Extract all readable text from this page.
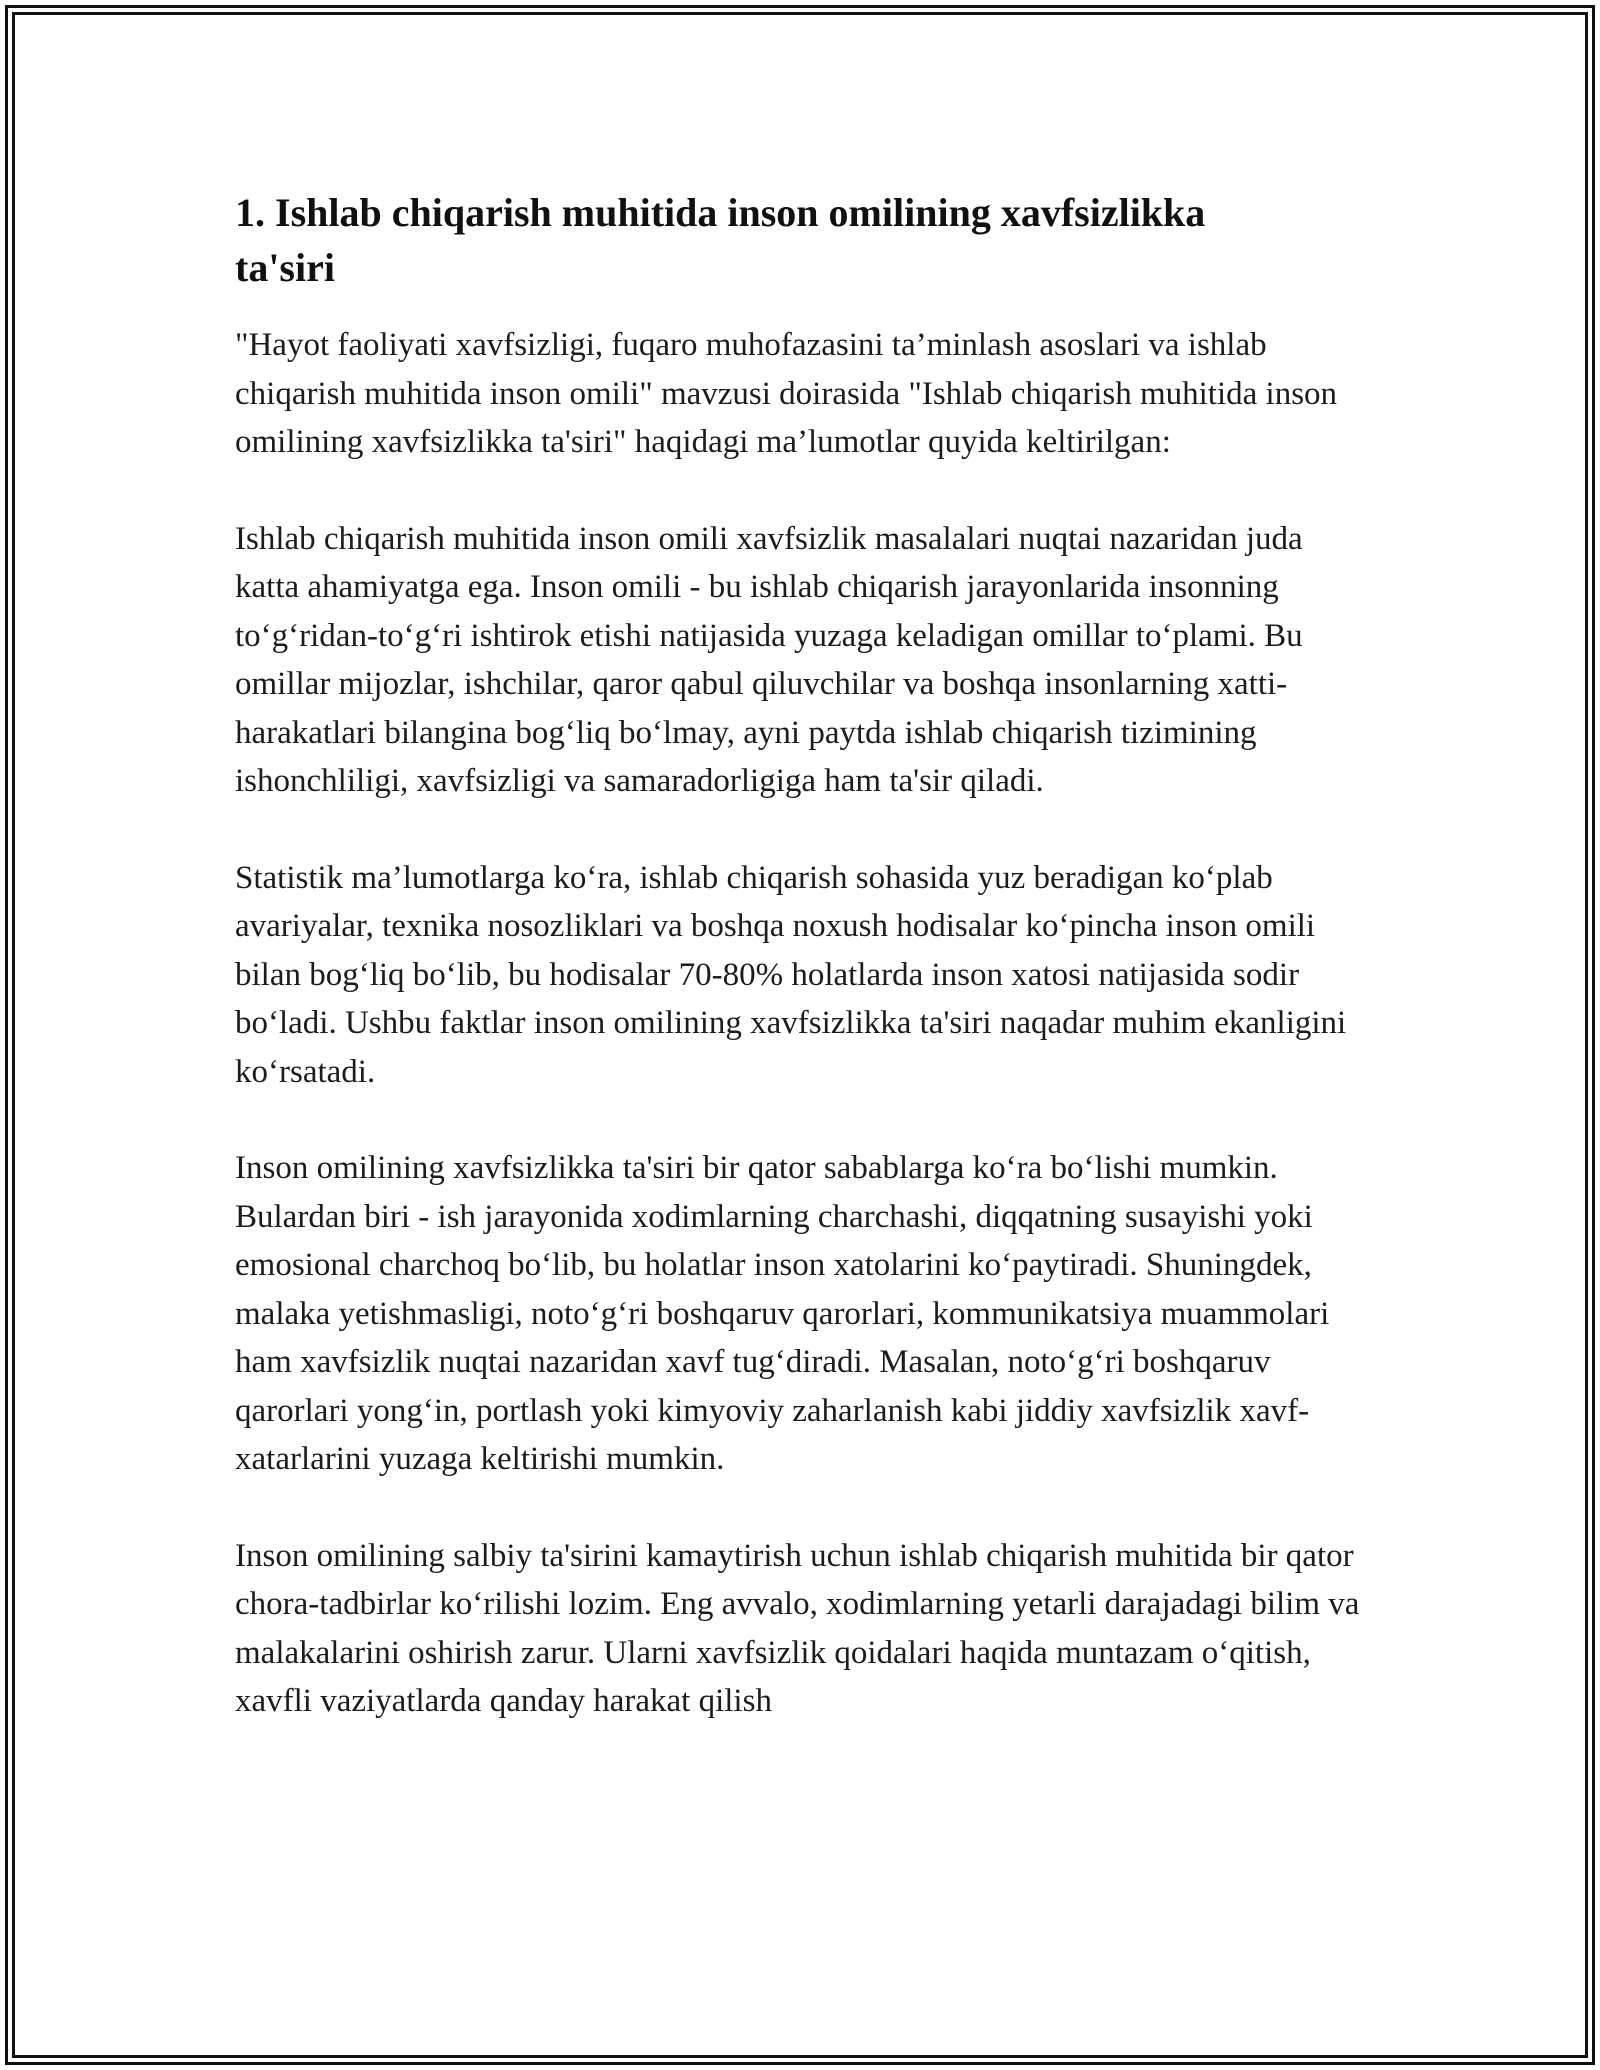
1. Ishlab chiqarish muhitida inson omilining xavfsizlikka ta'siri

"Hayot faoliyati xavfsizligi, fuqaro muhofazasini ta’minlash asoslari va ishlab chiqarish muhitida inson omili" mavzusi doirasida "Ishlab chiqarish muhitida inson omilining xavfsizlikka ta'siri" haqidagi ma’lumotlar quyida keltirilgan:

Ishlab chiqarish muhitida inson omili xavfsizlik masalalari nuqtai nazaridan juda katta ahamiyatga ega. Inson omili - bu ishlab chiqarish jarayonlarida insonning to‘g‘ridan-to‘g‘ri ishtirok etishi natijasida yuzaga keladigan omillar to‘plami. Bu omillar mijozlar, ishchilar, qaror qabul qiluvchilar va boshqa insonlarning xatti-harakatlari bilangina bog‘liq bo‘lmay, ayni paytda ishlab chiqarish tizimining ishonchliligi, xavfsizligi va samaradorligiga ham ta'sir qiladi.

Statistik ma’lumotlarga ko‘ra, ishlab chiqarish sohasida yuz beradigan ko‘plab avariyalar, texnika nosozliklari va boshqa noxush hodisalar ko‘pincha inson omili bilan bog‘liq bo‘lib, bu hodisalar 70-80% holatlarda inson xatosi natijasida sodir bo‘ladi. Ushbu faktlar inson omilining xavfsizlikka ta'siri naqadar muhim ekanligini ko‘rsatadi.

Inson omilining xavfsizlikka ta'siri bir qator sabablarga ko‘ra bo‘lishi mumkin. Bulardan biri - ish jarayonida xodimlarning charchashi, diqqatning susayishi yoki emosional charchoq bo‘lib, bu holatlar inson xatolarini ko‘paytiradi. Shuningdek, malaka yetishmasligi, noto‘g‘ri boshqaruv qarorlari, kommunikatsiya muammolari ham xavfsizlik nuqtai nazaridan xavf tug‘diradi. Masalan, noto‘g‘ri boshqaruv qarorlari yong‘in, portlash yoki kimyoviy zaharlanish kabi jiddiy xavfsizlik xavf-xatarlarini yuzaga keltirishi mumkin.

Inson omilining salbiy ta'sirini kamaytirish uchun ishlab chiqarish muhitida bir qator chora-tadbirlar ko‘rilishi lozim. Eng avvalo, xodimlarning yetarli darajadagi bilim va malakalarini oshirish zarur. Ularni xavfsizlik qoidalari haqida muntazam o‘qitish, xavfli vaziyatlarda qanday harakat qilish
